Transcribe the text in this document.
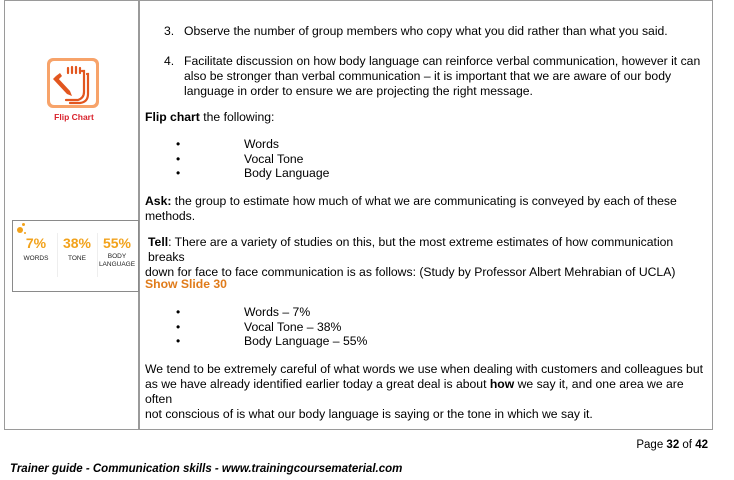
Flip Chart
7%
WORDS
38%
TONE
55%
BODY
LANGUAGE
3. Observe the number of group members who copy what you did rather than what you said.
4. Facilitate discussion on how body language can reinforce verbal communication, however it can
also be stronger than verbal communication – it is important that we are aware of our body
language in order to ensure we are projecting the right message.
Flip chart the following:
•	Words
•	Vocal Tone
•	Body Language
Ask: the group to estimate how much of what we are communicating is conveyed by each of these
methods.
Tell: There are a variety of studies on this, but the most extreme estimates of how communication breaks
down for face to face communication is as follows: (Study by Professor Albert Mehrabian of UCLA)
Show Slide 30
•	Words – 7%
•	Vocal Tone – 38%
•	Body Language – 55%
We tend to be extremely careful of what words we use when dealing with customers and colleagues but
as we have already identified earlier today a great deal is about how we say it, and one area we are often
not conscious of is what our body language is saying or the tone in which we say it.
Page 32 of 42
Trainer guide - Communication skills - www.trainingcoursematerial.com
